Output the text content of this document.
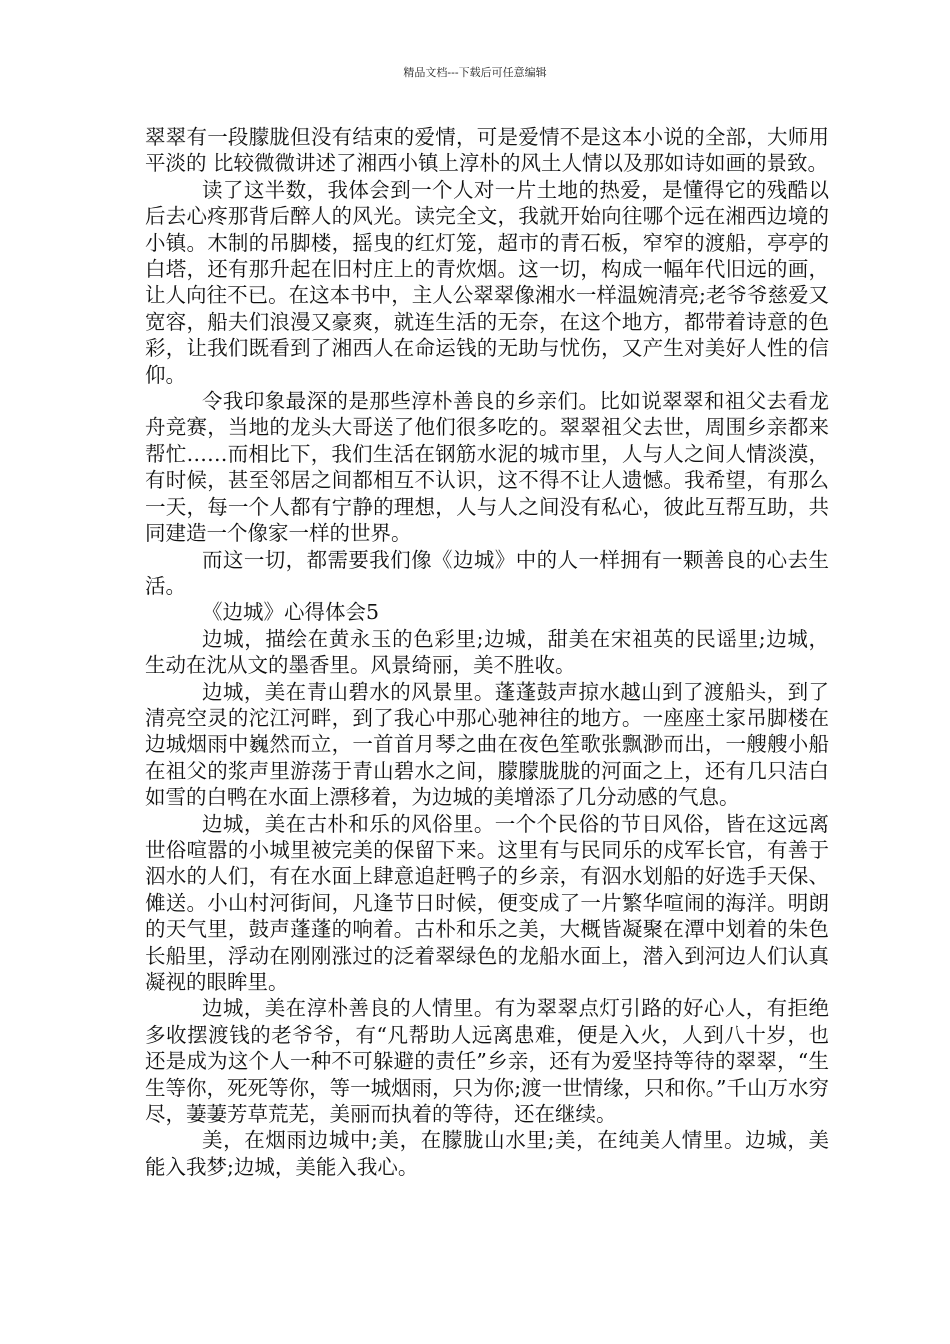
精品文档---下载后可任意编辑

翠翠有一段朦胧但没有结束的爱情，可是爱情不是这本小说的全部，大师用平淡的 比较微微讲述了湘西小镇上淳朴的风土人情以及那如诗如画的景致。

读了这半数，我体会到一个人对一片土地的热爱，是懂得它的残酷以后去心疼那背后醉人的风光。读完全文，我就开始向往哪个远在湘西边境的小镇。木制的吊脚楼，摇曳的红灯笼，超市的青石板，窄窄的渡船，亭亭的白塔，还有那升起在旧村庄上的青炊烟。这一切，构成一幅年代旧远的画，让人向往不已。在这本书中，主人公翠翠像湘水一样温婉清亮;老爷爷慈爱又宽容，船夫们浪漫又豪爽，就连生活的无奈，在这个地方，都带着诗意的色彩，让我们既看到了湘西人在命运钱的无助与忧伤，又产生对美好人性的信仰。

令我印象最深的是那些淳朴善良的乡亲们。比如说翠翠和祖父去看龙舟竞赛，当地的龙头大哥送了他们很多吃的。翠翠祖父去世，周围乡亲都来帮忙……而相比下，我们生活在钢筋水泥的城市里，人与人之间人情淡漠，有时候，甚至邻居之间都相互不认识，这不得不让人遗憾。我希望，有那么一天，每一个人都有宁静的理想，人与人之间没有私心，彼此互帮互助，共同建造一个像家一样的世界。

而这一切，都需要我们像《边城》中的人一样拥有一颗善良的心去生活。

《边城》心得体会5

边城，描绘在黄永玉的色彩里;边城，甜美在宋祖英的民谣里;边城，生动在沈从文的墨香里。风景绮丽，美不胜收。

边城，美在青山碧水的风景里。蓬蓬鼓声掠水越山到了渡船头，到了清亮空灵的沱江河畔，到了我心中那心驰神往的地方。一座座土家吊脚楼在边城烟雨中巍然而立，一首首月琴之曲在夜色笙歌张飘渺而出，一艘艘小船在祖父的浆声里游荡于青山碧水之间，朦朦胧胧的河面之上，还有几只洁白如雪的白鸭在水面上漂移着，为边城的美增添了几分动感的气息。

边城，美在古朴和乐的风俗里。一个个民俗的节日风俗，皆在这远离世俗喧嚣的小城里被完美的保留下来。这里有与民同乐的戍军长官，有善于泅水的人们，有在水面上肆意追赶鸭子的乡亲，有泅水划船的好选手天保、傩送。小山村河街间，凡逢节日时候，便变成了一片繁华喧闹的海洋。明朗的天气里，鼓声蓬蓬的响着。古朴和乐之美，大概皆凝聚在潭中划着的朱色长船里，浮动在刚刚涨过的泛着翠绿色的龙船水面上，潜入到河边人们认真凝视的眼眸里。

边城，美在淳朴善良的人情里。有为翠翠点灯引路的好心人，有拒绝多收摆渡钱的老爷爷，有“凡帮助人远离患难，便是入火，人到八十岁，也还是成为这个人一种不可躲避的责任”乡亲，还有为爱坚持等待的翠翠，“生生等你，死死等你，等一城烟雨，只为你;渡一世情缘，只和你。”千山万水穷尽，萋萋芳草荒芜，美丽而执着的等待，还在继续。

美，在烟雨边城中;美，在朦胧山水里;美，在纯美人情里。边城，美能入我梦;边城，美能入我心。
